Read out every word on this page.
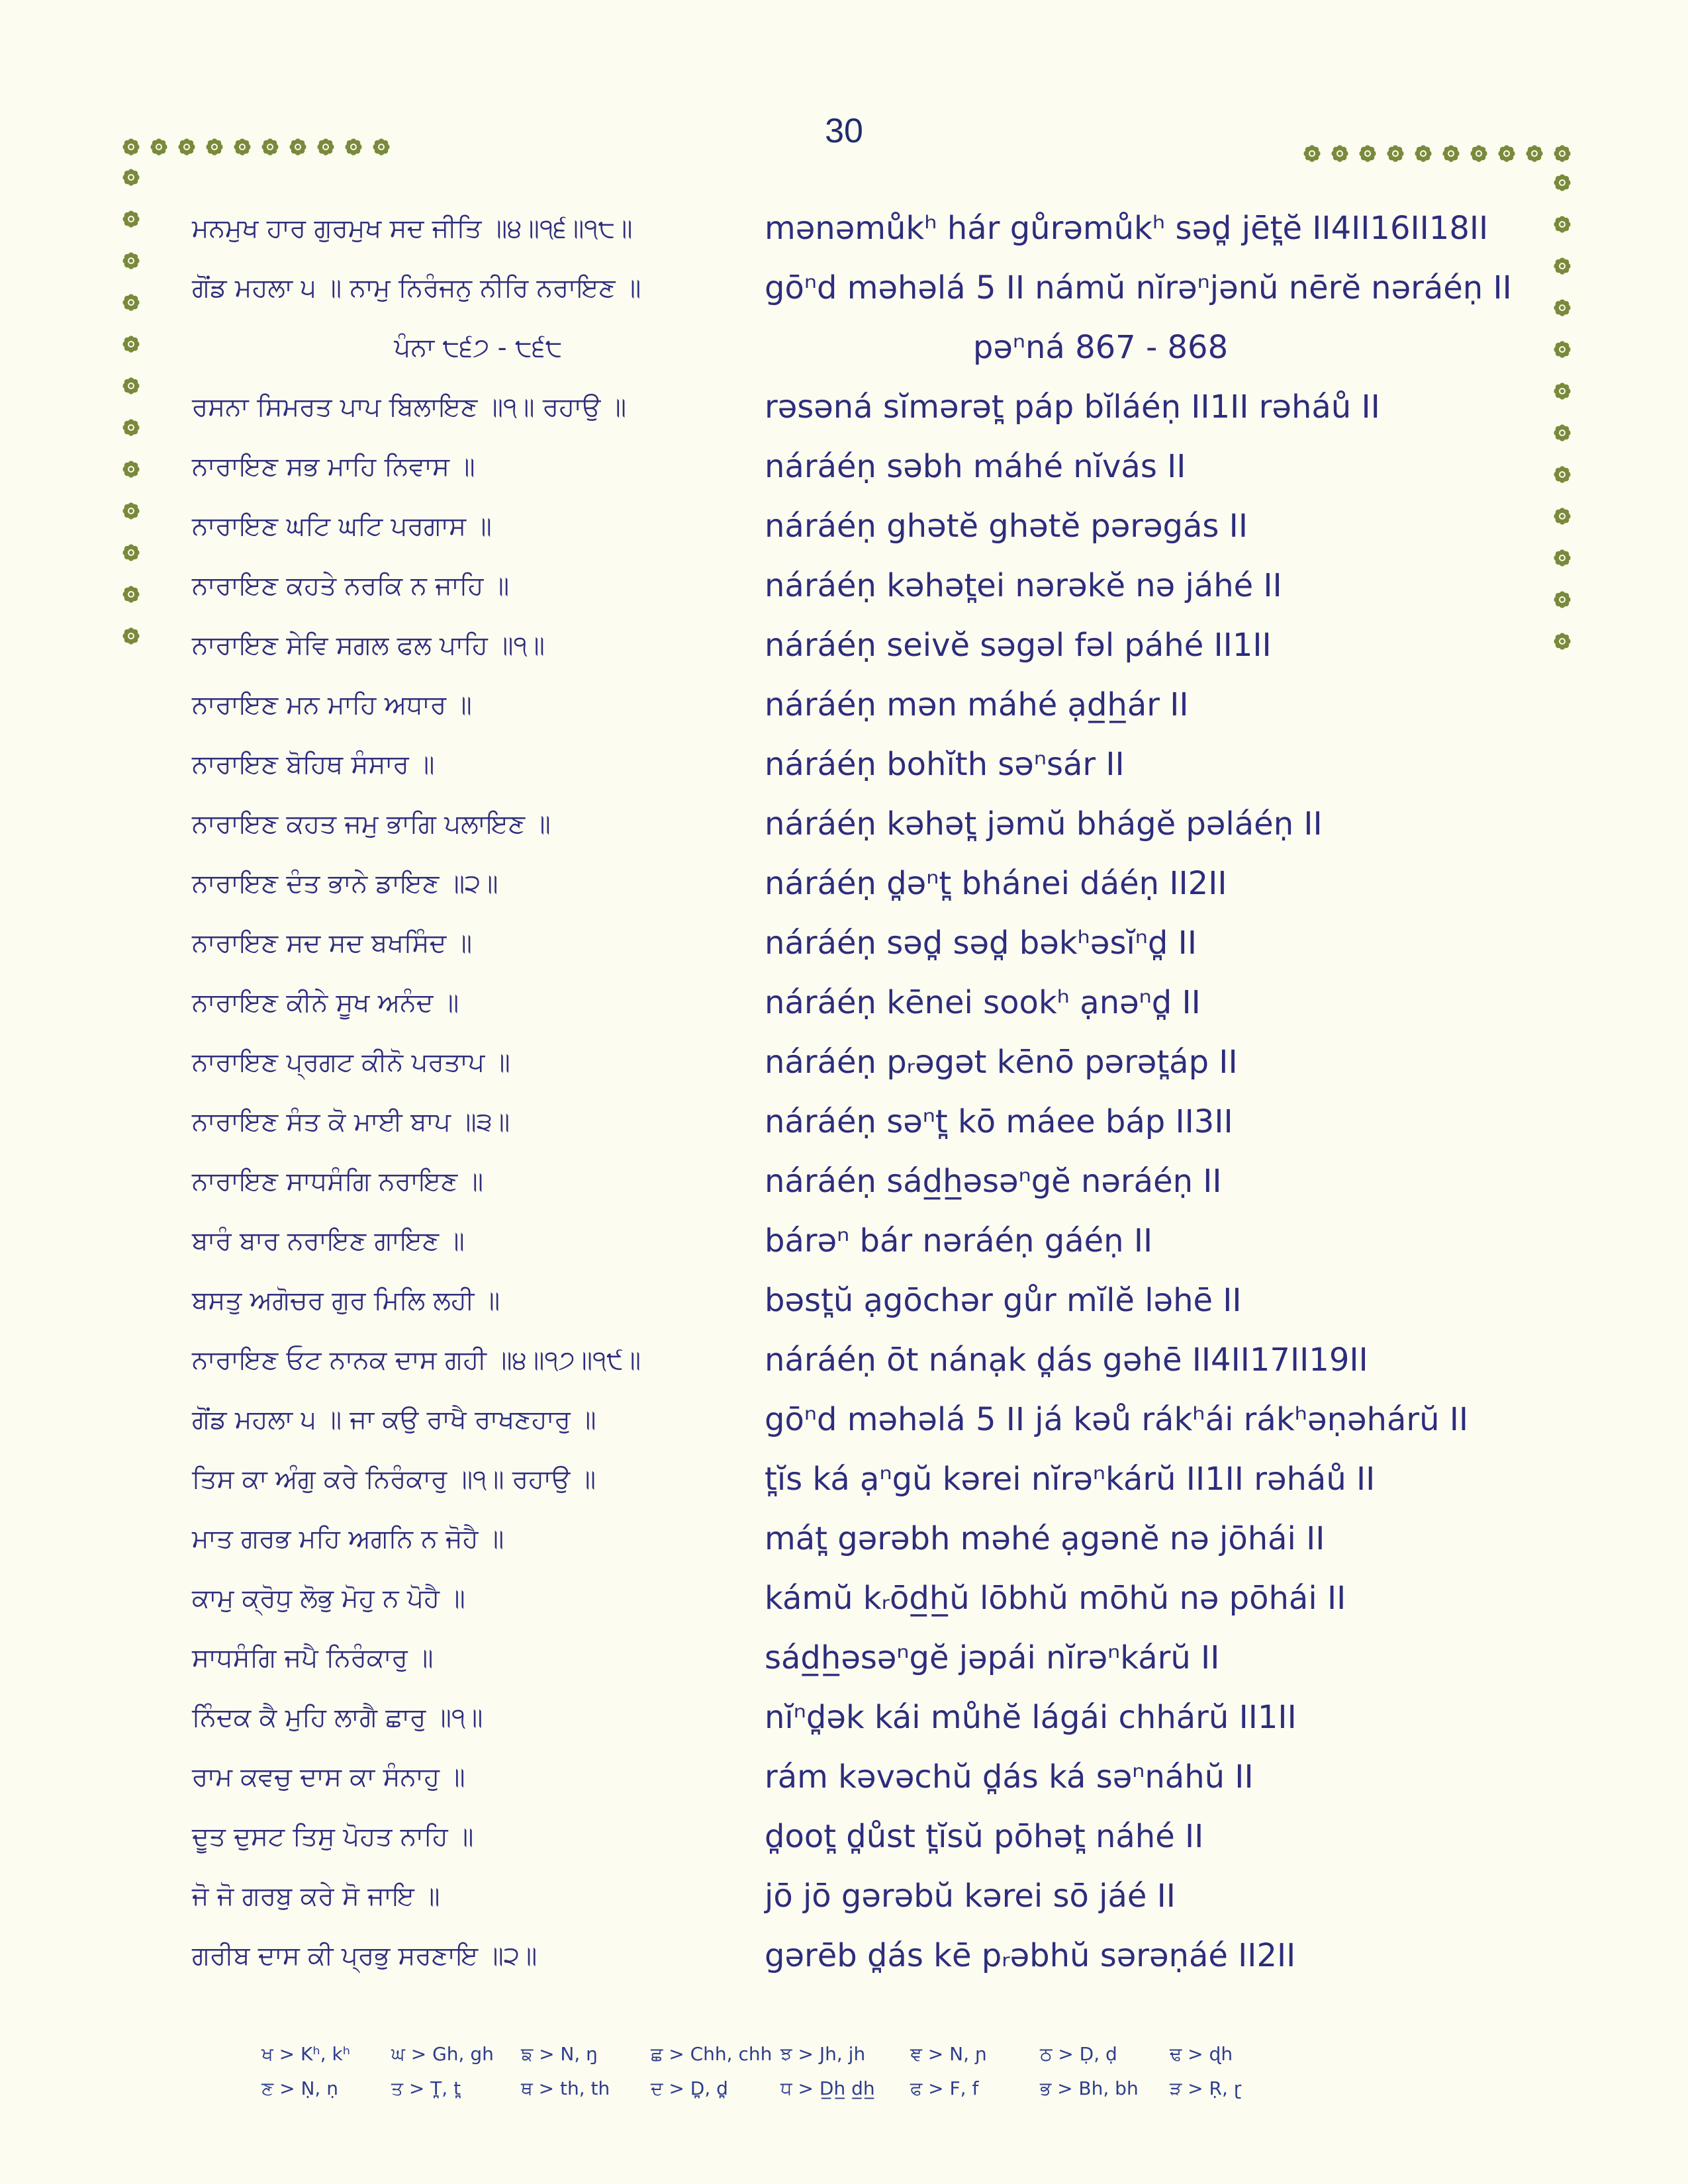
30
ਮਨਮੁਖ ਹਾਰ ਗੁਰਮੁਖ ਸਦ ਜੀਤਿ ॥੪॥੧੬॥੧੮॥	mənəmůkʰ hár gůrəmůkʰ səd̪ jēt̪ĕ II4II16II18II
ਗੋਂਡ ਮਹਲਾ ੫ ॥ ਨਾਮੁ ਨਿਰੰਜਨੁ ਨੀਰਿ ਨਰਾਇਣ ॥	gōⁿd məhəlá 5 II námŭ nĭrəⁿjənŭ nērĕ nəráéṇ II
ਪੰਨਾ ੮੬੭ - ੮੬੮	pəⁿná 867 - 868
ਰਸਨਾ ਸਿਮਰਤ ਪਾਪ ਬਿਲਾਇਣ ॥੧॥ ਰਹਾਉ ॥	rəsəná sĭmərət̪ páp bĭláéṇ II1II rəháů II
ਨਾਰਾਇਣ ਸਭ ਮਾਹਿ ਨਿਵਾਸ ॥	náráéṇ səbh máhé nĭvás II
ਨਾਰਾਇਣ ਘਟਿ ਘਟਿ ਪਰਗਾਸ ॥	náráéṇ ghətĕ ghətĕ pərəgás II
ਨਾਰਾਇਣ ਕਹਤੇ ਨਰਕਿ ਨ ਜਾਹਿ ॥	náráéṇ kəhət̪ei nərəkĕ nə jáhé II
ਨਾਰਾਇਣ ਸੇਵਿ ਸਗਲ ਫਲ ਪਾਹਿ ॥੧॥	náráéṇ seivĕ səgəl fəl páhé II1II
ਨਾਰਾਇਣ ਮਨ ਮਾਹਿ ਅਧਾਰ ॥	náráéṇ mən máhé ạd̲h̲ár II
ਨਾਰਾਇਣ ਬੋਹਿਥ ਸੰਸਾਰ ॥	náráéṇ bohĭth səⁿsár II
ਨਾਰਾਇਣ ਕਹਤ ਜਮੁ ਭਾਗਿ ਪਲਾਇਣ ॥	náráéṇ kəhət̪ jəmŭ bhágĕ pəláéṇ II
ਨਾਰਾਇਣ ਦੰਤ ਭਾਨੇ ਡਾਇਣ ॥੨॥	náráéṇ d̪əⁿt̪ bhánei dáéṇ II2II
ਨਾਰਾਇਣ ਸਦ ਸਦ ਬਖਸਿੰਦ ॥	náráéṇ səd̪ səd̪ bəkʰəsĭⁿd̪ II
ਨਾਰਾਇਣ ਕੀਨੇ ਸੂਖ ਅਨੰਦ ॥	náráéṇ kēnei sookʰ ạnəⁿd̪ II
ਨਾਰਾਇਣ ਪ੍ਰਗਟ ਕੀਨੋ ਪਰਤਾਪ ॥	náráéṇ pᵣəgət kēnō pərət̪áp II
ਨਾਰਾਇਣ ਸੰਤ ਕੋ ਮਾਈ ਬਾਪ ॥੩॥	náráéṇ səⁿt̪ kō máee báp II3II
ਨਾਰਾਇਣ ਸਾਧਸੰਗਿ ਨਰਾਇਣ ॥	náráéṇ sád̲h̲əsəⁿgĕ nəráéṇ II
ਬਾਰੰ ਬਾਰ ਨਰਾਇਣ ਗਾਇਣ ॥	bárəⁿ bár nəráéṇ gáéṇ II
ਬਸਤੁ ਅਗੋਚਰ ਗੁਰ ਮਿਲਿ ਲਹੀ ॥	bəst̪ŭ ạgōchər gůr mĭlĕ ləhē II
ਨਾਰਾਇਣ ਓਟ ਨਾਨਕ ਦਾਸ ਗਹੀ ॥੪॥੧੭॥੧੯॥	náráéṇ ōt nánạk d̪ás gəhē II4II17II19II
ਗੋਂਡ ਮਹਲਾ ੫ ॥ ਜਾ ਕਉ ਰਾਖੈ ਰਾਖਣਹਾਰੁ ॥	gōⁿd məhəlá 5 II já kəů rákʰái rákʰəṇəhárŭ II
ਤਿਸ ਕਾ ਅੰਗੁ ਕਰੇ ਨਿਰੰਕਾਰੁ ॥੧॥ ਰਹਾਉ ॥	t̪ĭs ká ạⁿgŭ kərei nĭrəⁿkárŭ II1II rəháů II
ਮਾਤ ਗਰਭ ਮਹਿ ਅਗਨਿ ਨ ਜੋਹੈ ॥	mát̪ gərəbh məhé ạgənĕ nə jōhái II
ਕਾਮੁ ਕ੍ਰੋਧੁ ਲੋਭੁ ਮੋਹੁ ਨ ਪੋਹੈ ॥	kámŭ kᵣōd̲h̲ŭ lōbhŭ mōhŭ nə pōhái II
ਸਾਧਸੰਗਿ ਜਪੈ ਨਿਰੰਕਾਰੁ ॥	sád̲h̲əsəⁿgĕ jəpái nĭrəⁿkárŭ II
ਨਿੰਦਕ ਕੈ ਮੁਹਿ ਲਾਗੈ ਛਾਰੁ ॥੧॥	nĭⁿd̪ək kái můhĕ lágái chhárŭ II1II
ਰਾਮ ਕਵਚੁ ਦਾਸ ਕਾ ਸੰਨਾਹੁ ॥	rám kəvəchŭ d̪ás ká səⁿnáhŭ II
ਦੂਤ ਦੁਸਟ ਤਿਸੁ ਪੋਹਤ ਨਾਹਿ ॥	d̪oot̪ d̪ůst t̪ĭsŭ pōhət̪ náhé II
ਜੋ ਜੋ ਗਰਬੁ ਕਰੇ ਸੋ ਜਾਇ ॥	jō jō gərəbŭ kərei sō jáé II
ਗਰੀਬ ਦਾਸ ਕੀ ਪ੍ਰਭੁ ਸਰਣਾਇ ॥੨॥	gərēb d̪ás kē pᵣəbhŭ sərəṇáé II2II
ਖ > Kʰ, kʰ	ਘ > Gh, gh	ਙ > N, ŋ	ਛ > Chh, chh ਝ > Jh, jh	ਞ > N, ɲ	ਠ > Ḍ, ḍ	ਢ > ɖh
ਣ > Ṇ, ṇ	ਤ > T̪, t̪	ਥ > th, th	ਦ > D̪, d̪	ਧ > D̲h̲ d̲h̲	ਫ > F, f	ਭ > Bh, bh	ੜ > Ṛ, ɽ
